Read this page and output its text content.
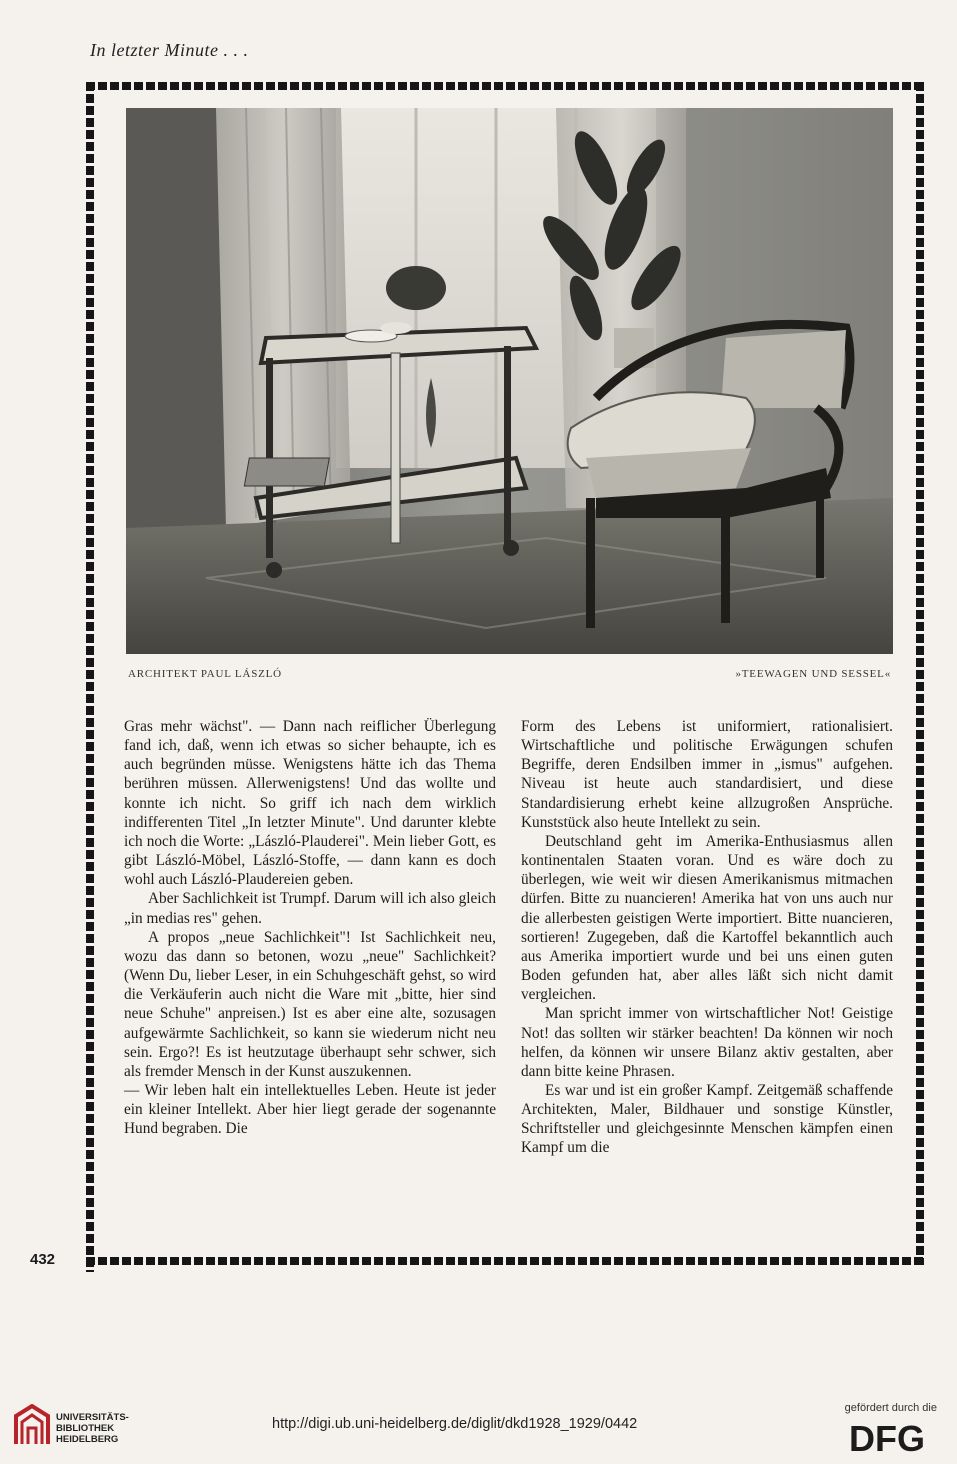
In letzter Minute . . .
ARCHITEKT PAUL LÁSZLÓ	»TEEWAGEN UND SESSEL«

Gras mehr wächst". — Dann nach reiflicher Überlegung fand ich, daß, wenn ich etwas so sicher behaupte, ich es auch begründen müsse. Wenigstens hätte ich das Thema berühren müssen. Allerwenigstens! Und das wollte und konnte ich nicht. So griff ich nach dem wirklich indifferenten Titel „In letzter Minute". Und darunter klebte ich noch die Worte: „László-Plauderei". Mein lieber Gott, es gibt László-Möbel, László-Stoffe, — dann kann es doch wohl auch László-Plaudereien geben.

Aber Sachlichkeit ist Trumpf. Darum will ich also gleich „in medias res" gehen.

A propos „neue Sachlichkeit"! Ist Sachlichkeit neu, wozu das dann so betonen, wozu „neue" Sachlichkeit? (Wenn Du, lieber Leser, in ein Schuhgeschäft gehst, so wird die Verkäuferin auch nicht die Ware mit „bitte, hier sind neue Schuhe" anpreisen.) Ist es aber eine alte, sozusagen aufgewärmte Sachlichkeit, so kann sie wiederum nicht neu sein. Ergo?! Es ist heutzutage überhaupt sehr schwer, sich als fremder Mensch in der Kunst auszukennen.

— Wir leben halt ein intellektuelles Leben. Heute ist jeder ein kleiner Intellekt. Aber hier liegt gerade der sogenannte Hund begraben. Die

Form des Lebens ist uniformiert, rationalisiert. Wirtschaftliche und politische Erwägungen schufen Begriffe, deren Endsilben immer in „ismus" aufgehen. Niveau ist heute auch standardisiert, und diese Standardisierung erhebt keine allzugroßen Ansprüche. Kunststück also heute Intellekt zu sein.

Deutschland geht im Amerika-Enthusiasmus allen kontinentalen Staaten voran. Und es wäre doch zu überlegen, wie weit wir diesen Amerikanismus mitmachen dürfen. Bitte zu nuancieren! Amerika hat von uns auch nur die allerbesten geistigen Werte importiert. Bitte nuancieren, sortieren! Zugegeben, daß die Kartoffel bekanntlich auch aus Amerika importiert wurde und bei uns einen guten Boden gefunden hat, aber alles läßt sich nicht damit vergleichen.

Man spricht immer von wirtschaftlicher Not! Geistige Not! das sollten wir stärker beachten! Da können wir noch helfen, da können wir unsere Bilanz aktiv gestalten, aber dann bitte keine Phrasen.

Es war und ist ein großer Kampf. Zeitgemäß schaffende Architekten, Maler, Bildhauer und sonstige Künstler, Schriftsteller und gleichgesinnte Menschen kämpfen einen Kampf um die

432
UNIVERSITÄTS-
BIBLIOTHEK
HEIDELBERG
http://digi.ub.uni-heidelberg.de/diglit/dkd1928_1929/0442
gefördert durch die
DFG
